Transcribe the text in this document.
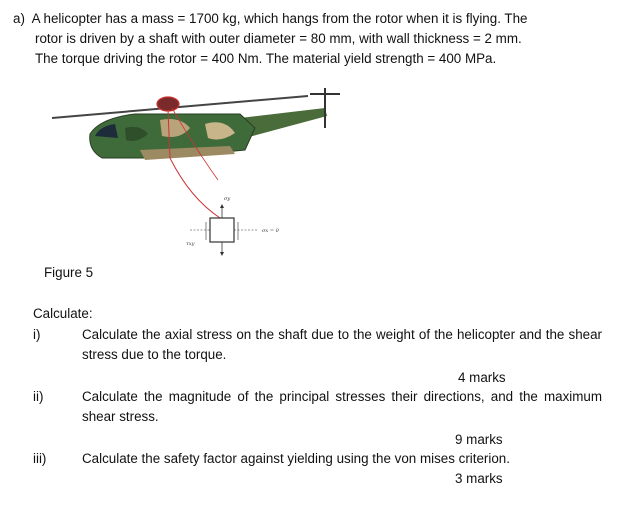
a) A helicopter has a mass = 1700 kg, which hangs from the rotor when it is flying. The
rotor is driven by a shaft with outer diameter = 80 mm, with wall thickness = 2 mm.
The torque driving the rotor = 400 Nm. The material yield strength = 400 MPa.
σy
σx = 0
τxy
Figure 5
Calculate:
i)	Calculate the axial stress on the shaft due to the weight of the helicopter and the shear stress due to the torque.
4 marks
ii)	Calculate the magnitude of the principal stresses their directions, and the maximum shear stress.
9 marks
iii)	Calculate the safety factor against yielding using the von mises criterion.
3 marks
